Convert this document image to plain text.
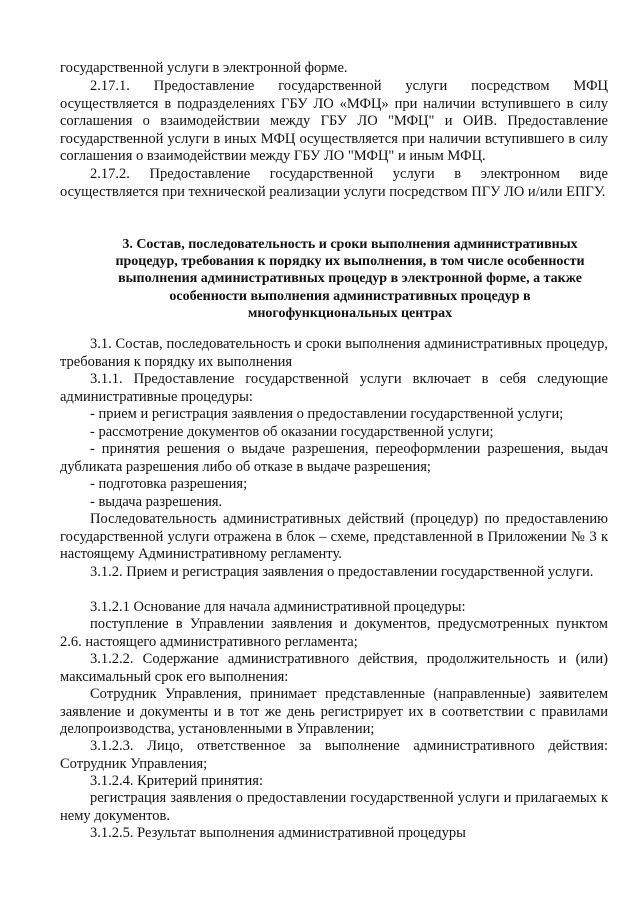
государственной услуги в электронной форме.

2.17.1. Предоставление государственной услуги посредством МФЦ осуществляется в подразделениях ГБУ ЛО «МФЦ» при наличии вступившего в силу соглашения о взаимодействии между ГБУ ЛО "МФЦ" и ОИВ. Предоставление государственной услуги в иных МФЦ осуществляется при наличии вступившего в силу соглашения о взаимодействии между ГБУ ЛО "МФЦ" и иным МФЦ.

2.17.2. Предоставление государственной услуги в электронном виде осуществляется при технической реализации услуги посредством ПГУ ЛО и/или ЕПГУ.

3. Состав, последовательность и сроки выполнения административных процедур, требования к порядку их выполнения, в том числе особенности выполнения административных процедур в электронной форме, а также особенности выполнения административных процедур в многофункциональных центрах

3.1. Состав, последовательность и сроки выполнения административных процедур, требования к порядку их выполнения

3.1.1. Предоставление государственной услуги включает в себя следующие административные процедуры:

- прием и регистрация заявления о предоставлении государственной услуги;

- рассмотрение документов об оказании государственной услуги;

- принятия решения о выдаче разрешения, переоформлении разрешения, выдач дубликата разрешения либо об отказе в выдаче разрешения;

- подготовка разрешения;

- выдача разрешения.

Последовательность административных действий (процедур) по предоставлению государственной услуги отражена в блок – схеме, представленной в Приложении № 3 к настоящему Административному регламенту.

3.1.2. Прием и регистрация заявления о предоставлении государственной услуги.

3.1.2.1 Основание для начала административной процедуры:

поступление в Управлении заявления и документов, предусмотренных пунктом 2.6. настоящего административного регламента;

3.1.2.2. Содержание административного действия, продолжительность и (или) максимальный срок его выполнения:

Сотрудник Управления, принимает представленные (направленные) заявителем заявление и документы и в тот же день регистрирует их в соответствии с правилами делопроизводства, установленными в Управлении;

3.1.2.3. Лицо, ответственное за выполнение административного действия: Сотрудник Управления;

3.1.2.4. Критерий принятия:

регистрация заявления о предоставлении государственной услуги и прилагаемых к нему документов.

3.1.2.5. Результат выполнения административной процедуры
